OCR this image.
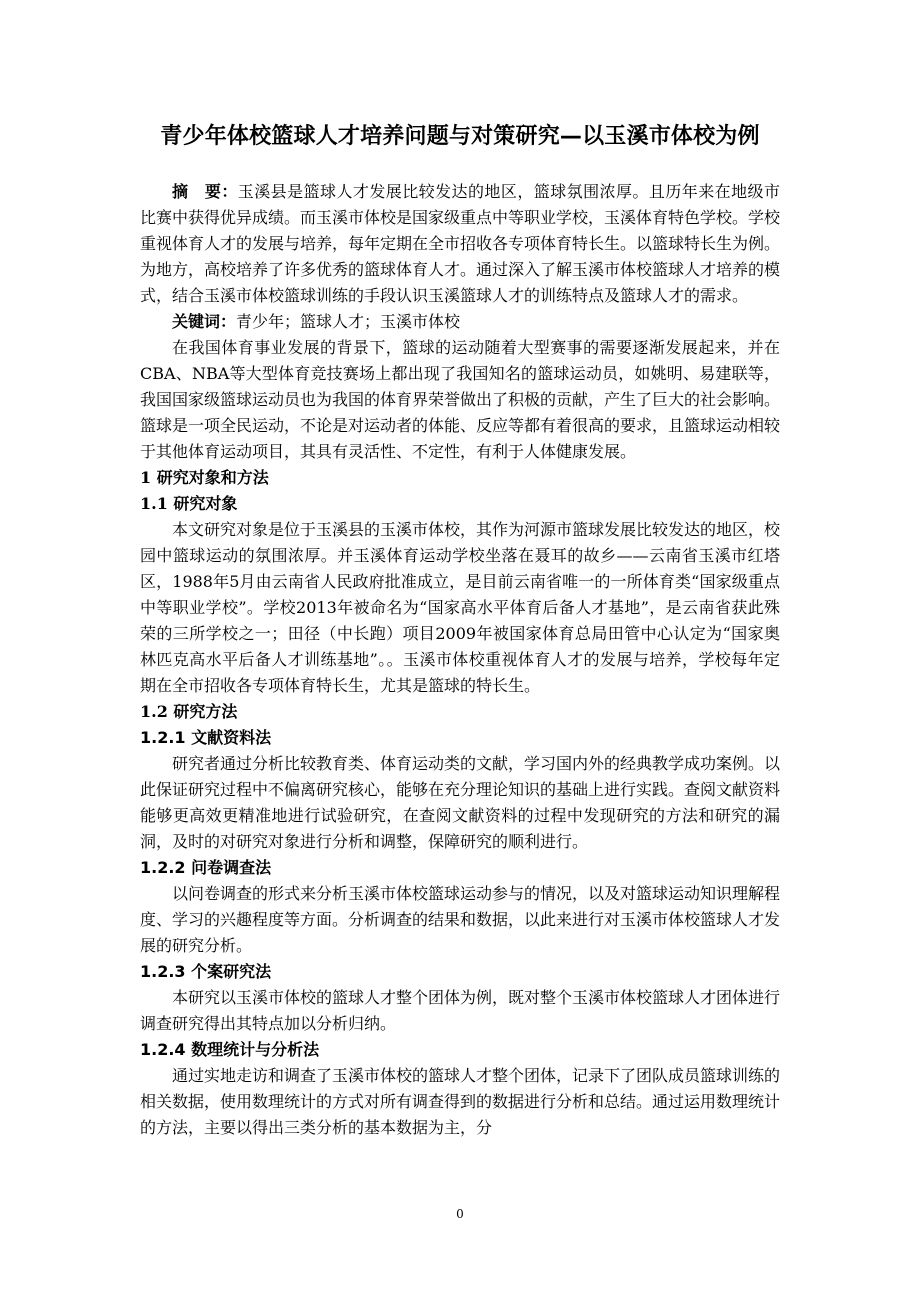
青少年体校篮球人才培养问题与对策研究—以玉溪市体校为例

摘　要：玉溪县是篮球人才发展比较发达的地区，篮球氛围浓厚。且历年来在地级市比赛中获得优异成绩。而玉溪市体校是国家级重点中等职业学校，玉溪体育特色学校。学校重视体育人才的发展与培养，每年定期在全市招收各专项体育特长生。以篮球特长生为例。为地方，高校培养了许多优秀的篮球体育人才。通过深入了解玉溪市体校篮球人才培养的模式，结合玉溪市体校篮球训练的手段认识玉溪篮球人才的训练特点及篮球人才的需求。

关键词：青少年；篮球人才；玉溪市体校

在我国体育事业发展的背景下，篮球的运动随着大型赛事的需要逐渐发展起来，并在CBA、NBA等大型体育竞技赛场上都出现了我国知名的篮球运动员，如姚明、易建联等，我国国家级篮球运动员也为我国的体育界荣誉做出了积极的贡献，产生了巨大的社会影响。篮球是一项全民运动，不论是对运动者的体能、反应等都有着很高的要求，且篮球运动相较于其他体育运动项目，其具有灵活性、不定性，有利于人体健康发展。

1 研究对象和方法

1.1 研究对象

本文研究对象是位于玉溪县的玉溪市体校，其作为河源市篮球发展比较发达的地区，校园中篮球运动的氛围浓厚。并玉溪体育运动学校坐落在聂耳的故乡——云南省玉溪市红塔区，1988年5月由云南省人民政府批准成立，是目前云南省唯一的一所体育类“国家级重点中等职业学校”。学校2013年被命名为“国家高水平体育后备人才基地”，是云南省获此殊荣的三所学校之一；田径（中长跑）项目2009年被国家体育总局田管中心认定为“国家奥林匹克高水平后备人才训练基地”。。玉溪市体校重视体育人才的发展与培养，学校每年定期在全市招收各专项体育特长生，尤其是篮球的特长生。

1.2 研究方法

1.2.1 文献资料法

研究者通过分析比较教育类、体育运动类的文献，学习国内外的经典教学成功案例。以此保证研究过程中不偏离研究核心，能够在充分理论知识的基础上进行实践。查阅文献资料能够更高效更精准地进行试验研究，在查阅文献资料的过程中发现研究的方法和研究的漏洞，及时的对研究对象进行分析和调整，保障研究的顺利进行。

1.2.2 问卷调查法

以问卷调查的形式来分析玉溪市体校篮球运动参与的情况，以及对篮球运动知识理解程度、学习的兴趣程度等方面。分析调查的结果和数据，以此来进行对玉溪市体校篮球人才发展的研究分析。

1.2.3 个案研究法

本研究以玉溪市体校的篮球人才整个团体为例，既对整个玉溪市体校篮球人才团体进行调查研究得出其特点加以分析归纳。

1.2.4 数理统计与分析法

通过实地走访和调查了玉溪市体校的篮球人才整个团体，记录下了团队成员篮球训练的相关数据，使用数理统计的方式对所有调查得到的数据进行分析和总结。通过运用数理统计的方法，主要以得出三类分析的基本数据为主，分

0
